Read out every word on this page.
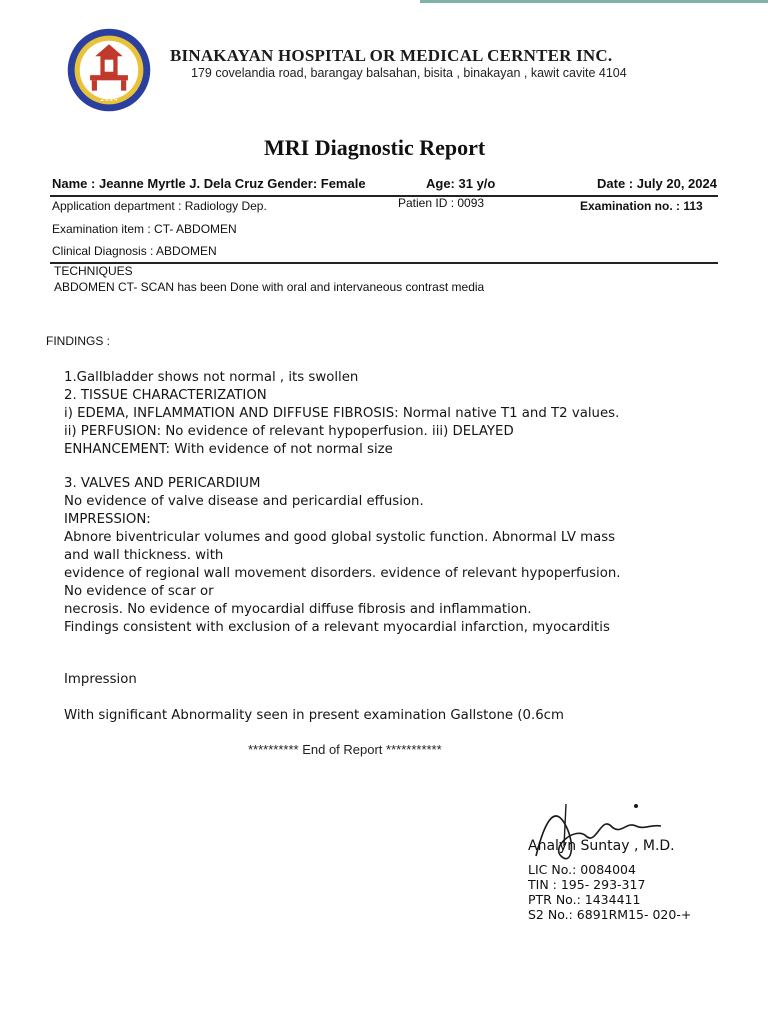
2014
BINAKAYAN HOSPITAL OR MEDICAL CERNTER INC.
179 covelandia road, barangay balsahan, bisita , binakayan , kawit cavite 4104
MRI Diagnostic Report
Name : Jeanne Myrtle J. Dela Cruz Gender: Female	Age: 31 y/o	Date : July 20, 2024
Application department : Radiology Dep.	Patien ID : 0093	Examination no. : 113
Examination item : CT- ABDOMEN
Clinical Diagnosis : ABDOMEN
TECHNIQUES
ABDOMEN CT- SCAN has been Done with oral and intervaneous contrast media
FINDINGS :
1.Gallbladder shows not normal , its swollen
2. TISSUE CHARACTERIZATION
i) EDEMA, INFLAMMATION AND DIFFUSE FIBROSIS: Normal native T1 and T2 values.
ii) PERFUSION: No evidence of relevant hypoperfusion. iii) DELAYED
ENHANCEMENT: With evidence of not normal size
3. VALVES AND PERICARDIUM
No evidence of valve disease and pericardial effusion.
IMPRESSION:
Abnore biventricular volumes and good global systolic function. Abnormal LV mass
and wall thickness. with
evidence of regional wall movement disorders. evidence of relevant hypoperfusion.
No evidence of scar or
necrosis. No evidence of myocardial diffuse fibrosis and inflammation.
Findings consistent with exclusion of a relevant myocardial infarction, myocarditis
Impression
With significant Abnormality seen in present examination Gallstone (0.6cm
********** End of Report ***********
Analyn Suntay , M.D.
LIC No.: 0084004
TIN : 195- 293-317
PTR No.: 1434411
S2 No.: 6891RM15- 020-+
